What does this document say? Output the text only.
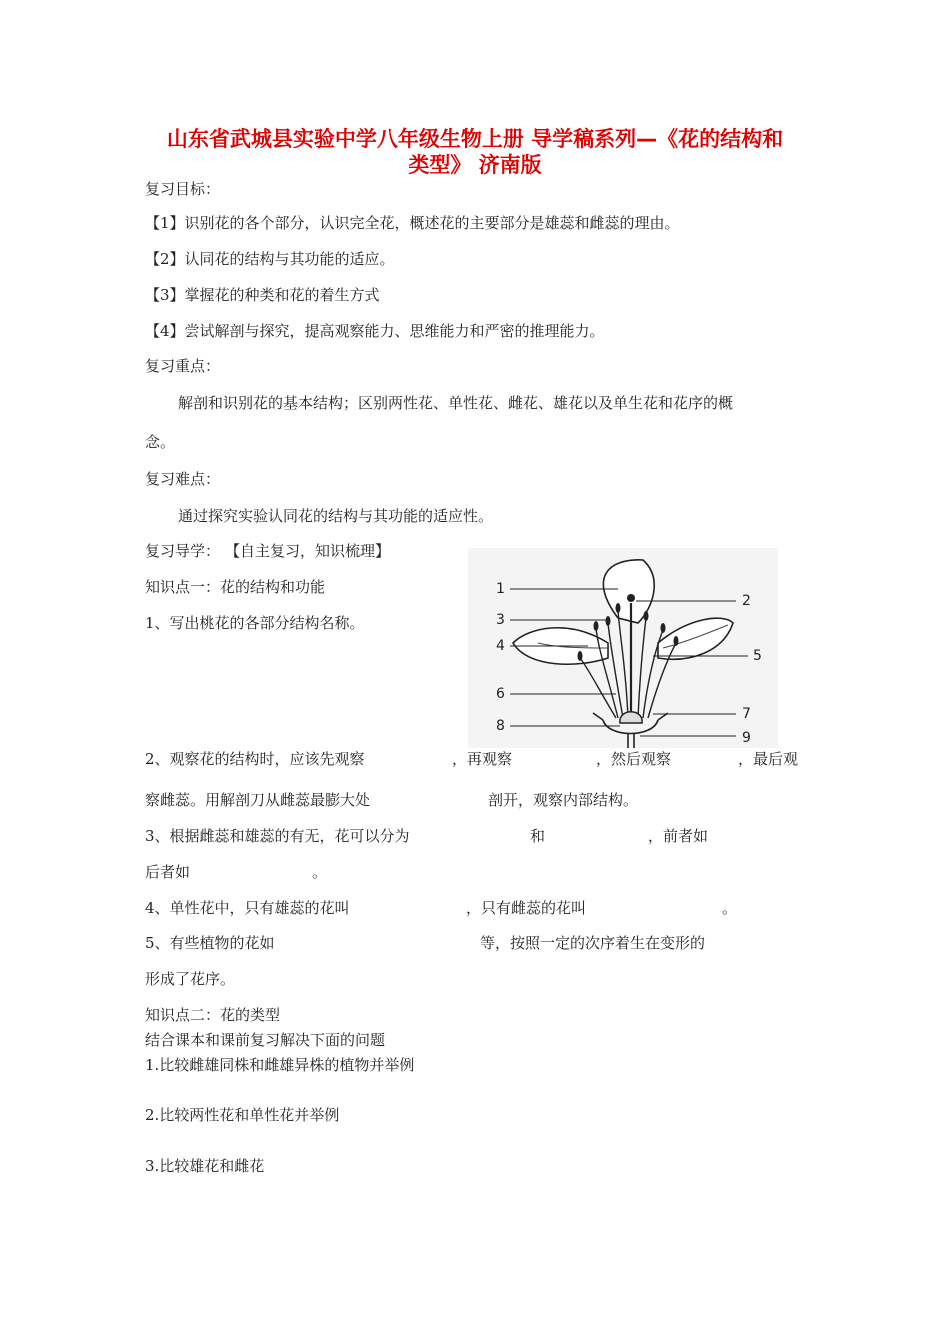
山东省武城县实验中学八年级生物上册 导学稿系列—《花的结构和
类型》 济南版
复习目标：
【1】识别花的各个部分，认识完全花，概述花的主要部分是雄蕊和雌蕊的理由。
【2】认同花的结构与其功能的适应。
【3】掌握花的种类和花的着生方式
【4】尝试解剖与探究，提高观察能力、思维能力和严密的推理能力。
复习重点：
解剖和识别花的基本结构；区别两性花、单性花、雌花、雄花以及单生花和花序的概
念。
复习难点：
通过探究实验认同花的结构与其功能的适应性。
复习导学： 【自主复习，知识梳理】
知识点一：花的结构和功能
1、写出桃花的各部分结构名称。
1
3
4
6
8
2
5
7
9
2、观察花的结构时，应该先观察	，再观察	，然后观察	，最后观
察雌蕊。用解剖刀从雌蕊最膨大处	剖开，观察内部结构。
3、根据雌蕊和雄蕊的有无，花可以分为	和	，前者如
后者如	。
4、单性花中，只有雄蕊的花叫	，只有雌蕊的花叫	。
5、有些植物的花如	等，按照一定的次序着生在变形的
形成了花序。
知识点二：花的类型
结合课本和课前复习解决下面的问题
1.比较雌雄同株和雌雄异株的植物并举例
2.比较两性花和单性花并举例
3.比较雄花和雌花
